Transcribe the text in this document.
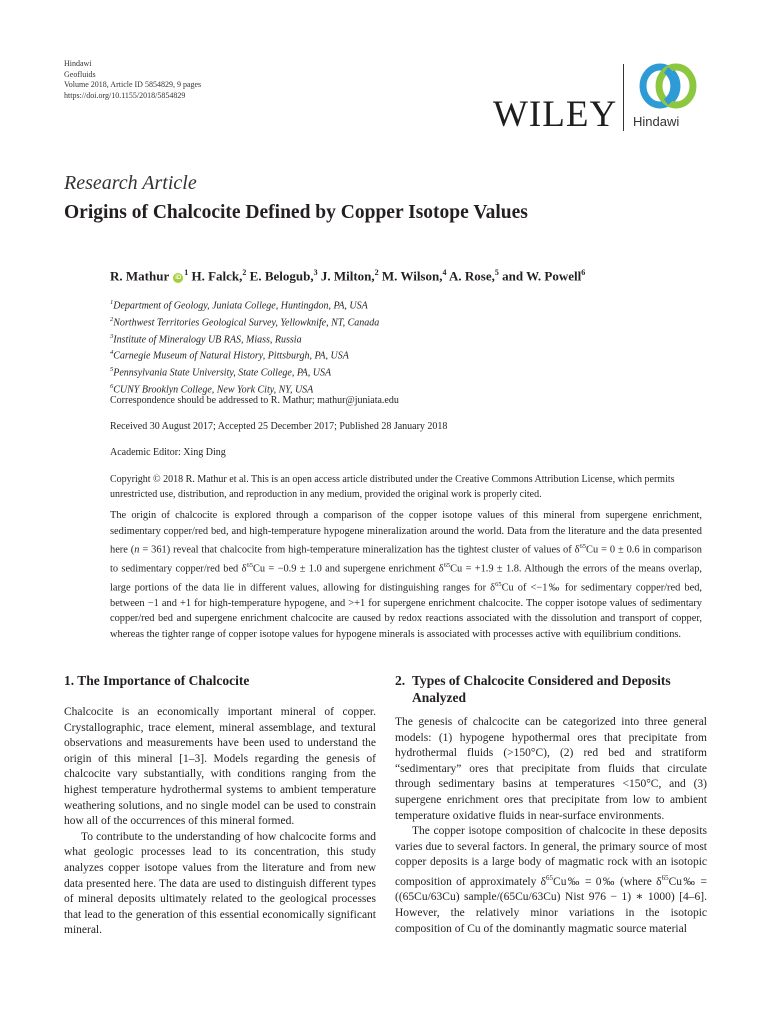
Hindawi
Geofluids
Volume 2018, Article ID 5854829, 9 pages
https://doi.org/10.1155/2018/5854829	WILEY Hindawi
Research Article
Origins of Chalcocite Defined by Copper Isotope Values
R. Mathur $iD^1$ H. Falck,$^2$ E. Belogub,$^3$ J. Milton,$^2$ M. Wilson,$^4$ A. Rose,$^5$ and W. Powell$^6$
$^1$Department of Geology, Juniata College, Huntingdon, PA, USA
$^2$Northwest Territories Geological Survey, Yellowknife, NT, Canada
$^3$Institute of Mineralogy UB RAS, Miass, Russia
$^4$Carnegie Museum of Natural History, Pittsburgh, PA, USA
$^5$Pennsylvania State University, State College, PA, USA
$^6$CUNY Brooklyn College, New York City, NY, USA
Correspondence should be addressed to R. Mathur; mathur@juniata.edu
Received 30 August 2017; Accepted 25 December 2017; Published 28 January 2018
Academic Editor: Xing Ding
Copyright © 2018 R. Mathur et al. This is an open access article distributed under the Creative Commons Attribution License, which permits unrestricted use, distribution, and reproduction in any medium, provided the original work is properly cited.
The origin of chalcocite is explored through a comparison of the copper isotope values of this mineral from supergene enrichment, sedimentary copper/red bed, and high-temperature hypogene mineralization around the world. Data from the literature and the data presented here (n = 361) reveal that chalcocite from high-temperature mineralization has the tightest cluster of values of $\delta^{65}Cu = 0 \pm 0.6$ in comparison to sedimentary copper/red bed $\delta^{65}Cu = -0.9 \pm 1.0$ and supergene enrichment $\delta^{65}Cu = +1.9 \pm 1.8$. Although the errors of the means overlap, large portions of the data lie in different values, allowing for distinguishing ranges for $\delta^{65}Cu$ of <−1‰ for sedimentary copper/red bed, between −1 and +1 for high-temperature hypogene, and >+1 for supergene enrichment chalcocite. The copper isotope values of sedimentary copper/red bed and supergene enrichment chalcocite are caused by redox reactions associated with the dissolution and transport of copper, whereas the tighter range of copper isotope values for hypogene minerals is associated with processes active with equilibrium conditions.
1. The Importance of Chalcocite

Chalcocite is an economically important mineral of copper. Crystallographic, trace element, mineral assemblage, and textural observations and measurements have been used to understand the origin of this mineral [1–3]. Models regarding the genesis of chalcocite vary substantially, with conditions ranging from the highest temperature hydrothermal systems to ambient temperature weathering solutions, and no single model can be used to constrain how all of the occurrences of this mineral formed.

To contribute to the understanding of how chalcocite forms and what geologic processes lead to its concentration, this study analyzes copper isotope values from the literature and from new data presented here. The data are used to distinguish different types of mineral deposits ultimately related to the geological processes that lead to the generation of this essential economically significant mineral.

2. Types of Chalcocite Considered and Deposits Analyzed

The genesis of chalcocite can be categorized into three general models: (1) hypogene hypothermal ores that precipitate from hydrothermal fluids (>150°C), (2) red bed and stratiform “sedimentary” ores that precipitate from fluids that circulate through sedimentary basins at temperatures <150°C, and (3) supergene enrichment ores that precipitate from low to ambient temperature oxidative fluids in near-surface environments.

The copper isotope composition of chalcocite in these deposits varies due to several factors. In general, the primary source of most copper deposits is a large body of magmatic rock with an isotopic composition of approximately $\delta^{65}Cu‰$ = 0‰ (where $\delta^{65}Cu‰ = ((65Cu/63Cu)$ sample/(65Cu/63Cu) Nist 976 − 1) ∗ 1000) [4–6]. However, the relatively minor variations in the isotopic composition of Cu of the dominantly magmatic source material
